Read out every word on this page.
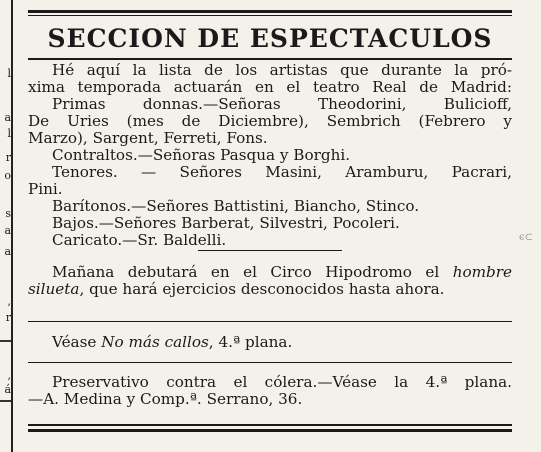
l
a
l
r
o
s
a
a
,
r
,
á
SECCION DE ESPECTACULOS
Hé aquí la lista de los artistas que durante la pró-
xima temporada actuarán en el teatro Real de Madrid:
Primas donnas.—Señoras Theodorini, Bulicioff,
De Uries (mes de Diciembre), Sembrich (Febrero y
Marzo), Sargent, Ferreti, Fons.
Contraltos.—Señoras Pasqua y Borghi.
Tenores. — Señores Masini, Aramburu, Pacrari,
Pini.
Barítonos.—Señores Battistini, Biancho, Stinco.
Bajos.—Señores Barberat, Silvestri, Pocoleri.
Caricato.—Sr. Baldelli.
Mañana debutará en el Circo Hipodromo el hombre
silueta, que hará ejercicios desconocidos hasta ahora.
Véase No más callos, 4.ª plana.
Preservativo contra el cólera.—Véase la 4.ª plana.
—A. Medina y Comp.ª. Serrano, 36.
ϵ⊂
